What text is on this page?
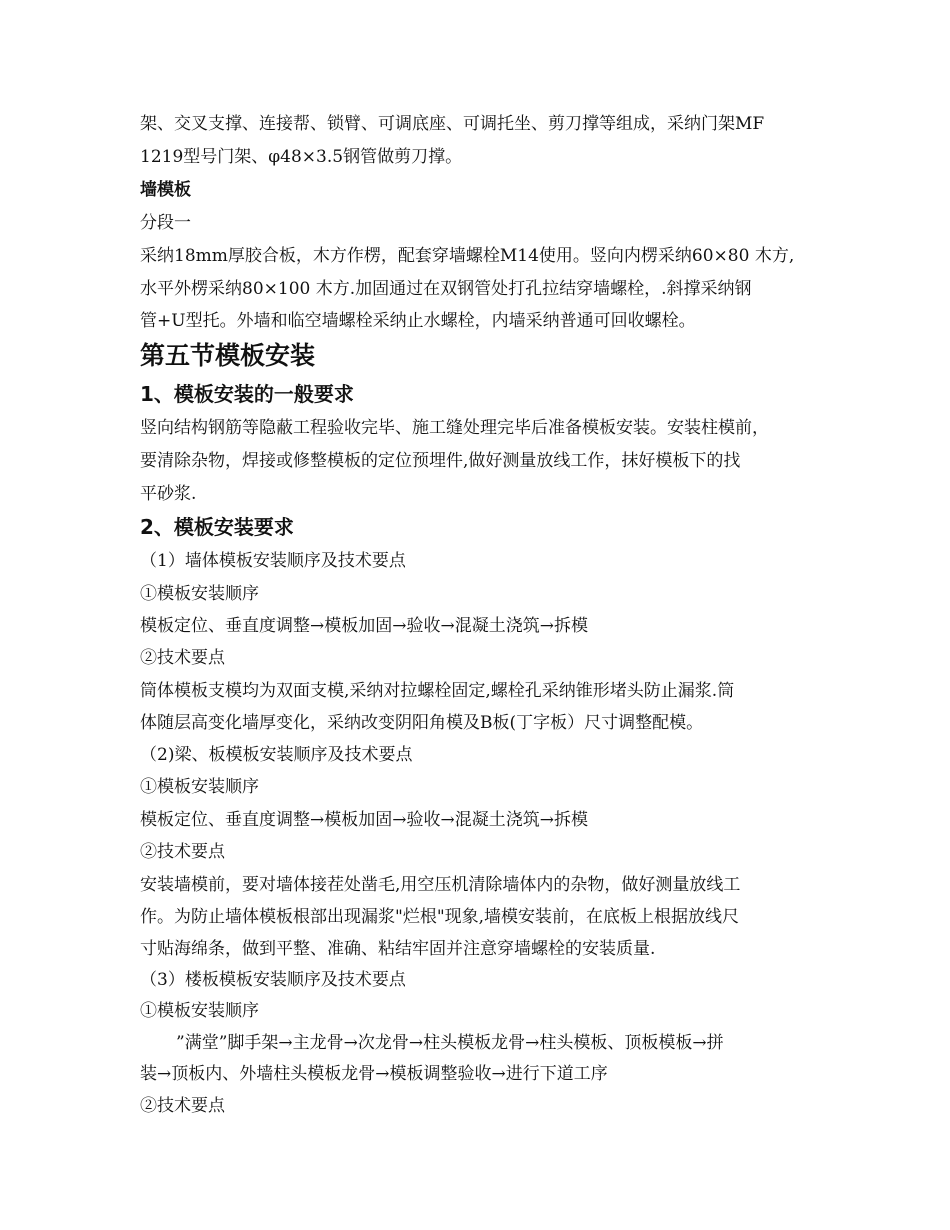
架、交叉支撑、连接帮、锁臂、可调底座、可调托坐、剪刀撑等组成，采纳门架MF
1219型号门架、φ48×3.5钢管做剪刀撑。
墙模板
分段一
采纳18mm厚胶合板，木方作楞，配套穿墙螺栓M14使用。竖向内楞采纳60×80 木方,
水平外楞采纳80×100 木方.加固通过在双钢管处打孔拉结穿墙螺栓，.斜撑采纳钢
管+U型托。外墙和临空墙螺栓采纳止水螺栓，内墙采纳普通可回收螺栓。
第五节模板安装
1、模板安装的一般要求
竖向结构钢筋等隐蔽工程验收完毕、施工缝处理完毕后准备模板安装。安装柱模前，
要清除杂物，焊接或修整模板的定位预埋件,做好测量放线工作，抹好模板下的找
平砂浆.
2、模板安装要求
（1）墙体模板安装顺序及技术要点
①模板安装顺序
模板定位、垂直度调整→模板加固→验收→混凝土浇筑→拆模
②技术要点
筒体模板支模均为双面支模,采纳对拉螺栓固定,螺栓孔采纳锥形堵头防止漏浆.筒
体随层高变化墙厚变化，采纳改变阴阳角模及B板(丁字板）尺寸调整配模。
（2)梁、板模板安装顺序及技术要点
①模板安装顺序
模板定位、垂直度调整→模板加固→验收→混凝土浇筑→拆模
②技术要点
安装墙模前，要对墙体接茬处凿毛,用空压机清除墙体内的杂物，做好测量放线工
作。为防止墙体模板根部出现漏浆"烂根"现象,墙模安装前，在底板上根据放线尺
寸贴海绵条，做到平整、准确、粘结牢固并注意穿墙螺栓的安装质量.
（3）楼板模板安装顺序及技术要点
①模板安装顺序
”满堂”脚手架→主龙骨→次龙骨→柱头模板龙骨→柱头模板、顶板模板→拼
装→顶板内、外墙柱头模板龙骨→模板调整验收→进行下道工序
②技术要点
